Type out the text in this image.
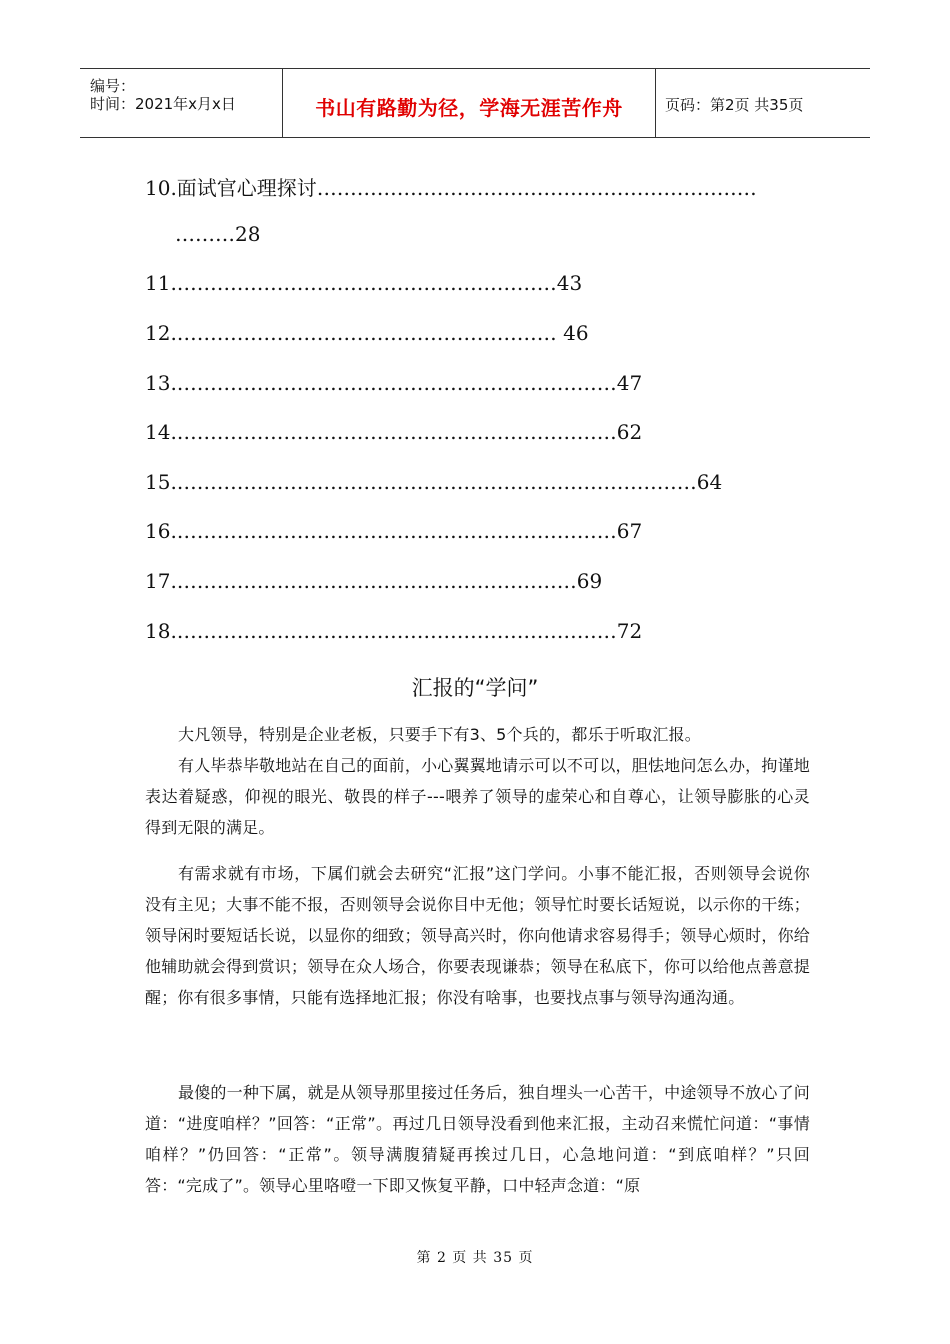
编号：
时间：2021年x月x日	书山有路勤为径，学海无涯苦作舟	页码：第2页 共35页
10.面试官心理探讨…………………………………………………………
………28
11.…………………………………………………43
12.………………………………………………… 46
13.…………………………………………………………47
14.…………………………………………………………62
15.……………………………………………………………………64
16.…………………………………………………………67
17.……………………………………………………69
18.…………………………………………………………72
汇报的“学问”
大凡领导，特别是企业老板，只要手下有3、5个兵的，都乐于听取汇报。
有人毕恭毕敬地站在自己的面前，小心翼翼地请示可以不可以，胆怯地问怎么办，拘谨地表达着疑惑，仰视的眼光、敬畏的样子---喂养了领导的虚荣心和自尊心，让领导膨胀的心灵得到无限的满足。
有需求就有市场，下属们就会去研究“汇报”这门学问。小事不能汇报，否则领导会说你没有主见；大事不能不报，否则领导会说你目中无他；领导忙时要长话短说，以示你的干练；领导闲时要短话长说，以显你的细致；领导高兴时，你向他请求容易得手；领导心烦时，你给他辅助就会得到赏识；领导在众人场合，你要表现谦恭；领导在私底下，你可以给他点善意提醒；你有很多事情，只能有选择地汇报；你没有啥事，也要找点事与领导沟通沟通。
最傻的一种下属，就是从领导那里接过任务后，独自埋头一心苦干，中途领导不放心了问道：“进度咱样？”回答：“正常”。再过几日领导没看到他来汇报，主动召来慌忙问道：“事情咱样？”仍回答：“正常”。领导满腹猜疑再挨过几日，心急地问道：“到底咱样？”只回答：“完成了”。领导心里咯噔一下即又恢复平静，口中轻声念道：“原
第 2 页 共 35 页
